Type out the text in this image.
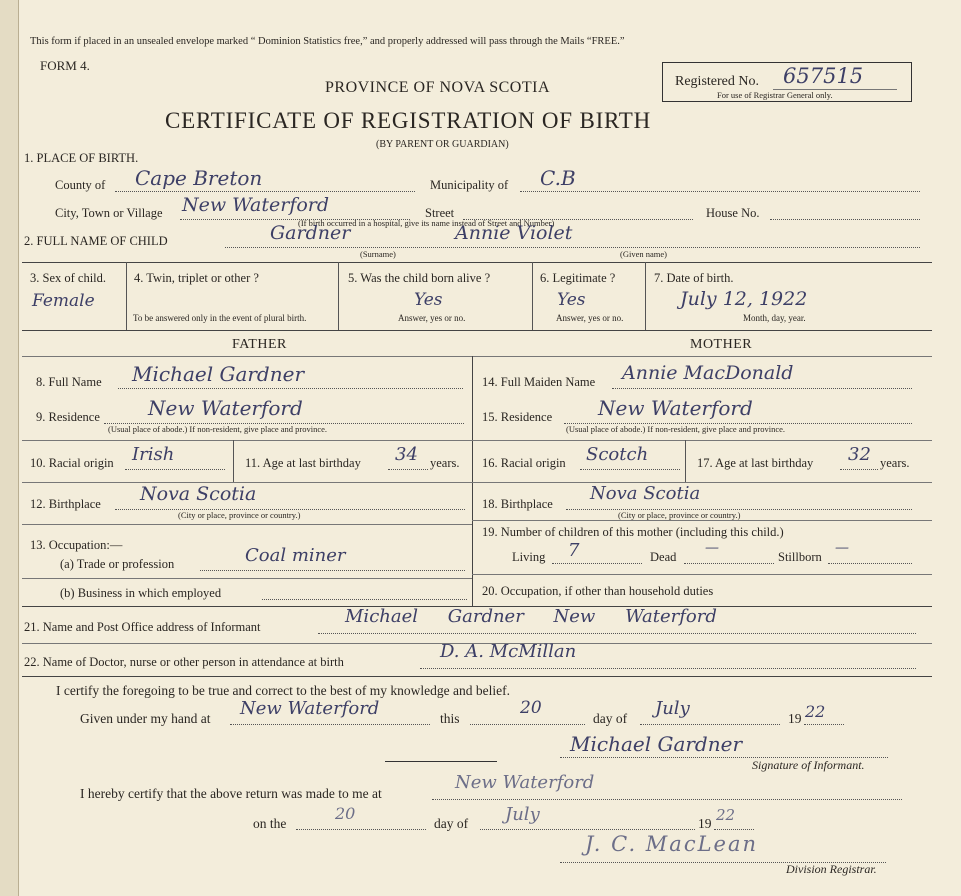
This form if placed in an unsealed envelope marked “ Dominion Statistics free,” and properly addressed will pass through the Mails “FREE.”
FORM 4.
PROVINCE OF NOVA SCOTIA
CERTIFICATE OF REGISTRATION OF BIRTH
(BY PARENT OR GUARDIAN)
Registered No. 657515
For use of Registrar General only.
1. PLACE OF BIRTH.
County of Cape Breton	Municipality of C.B
City, Town or Village New Waterford	Street
(If birth occurred in a hospital, give its name instead of Street and Number)
House No.
2. FULL NAME OF CHILD	Gardner	Annie Violet
(Surname)	(Given name)
3. Sex of child.
Female
4. Twin, triplet or other ?
To be answered only in the event of plural birth.
5. Was the child born alive ?
Yes
Answer, yes or no.
6. Legitimate ?
Yes
Answer, yes or no.
7. Date of birth.
July 12, 1922
Month, day, year.
FATHER	MOTHER
8. Full Name Michael Gardner
9. Residence New Waterford
(Usual place of abode.) If non-resident, give place and province.
10. Racial origin Irish	11. Age at last birthday 34 years.
12. Birthplace Nova Scotia
(City or place, province or country.)
13. Occupation:—
(a) Trade or profession	Coal miner
(b) Business in which employed
14. Full Maiden Name Annie MacDonald
15. Residence New Waterford
(Usual place of abode.) If non-resident, give place and province.
16. Racial origin Scotch	17. Age at last birthday 32 years.
18. Birthplace Nova Scotia
(City or place, province or country.)
19. Number of children of this mother (including this child.)
Living 7	Dead
—
Stillborn
—
20. Occupation, if other than household duties
21. Name and Post Office address of Informant	Michael Gardner New Waterford
22. Name of Doctor, nurse or other person in attendance at birth	D. A. McMillan
I certify the foregoing to be true and correct to the best of my knowledge and belief.
Given under my hand at New Waterford	this
20
day of July	19 22
Michael Gardner
Signature of Informant.
I hereby certify that the above return was made to me at
New Waterford
on the
20
day of July	19 22
J. C. MacLean
Division Registrar.
